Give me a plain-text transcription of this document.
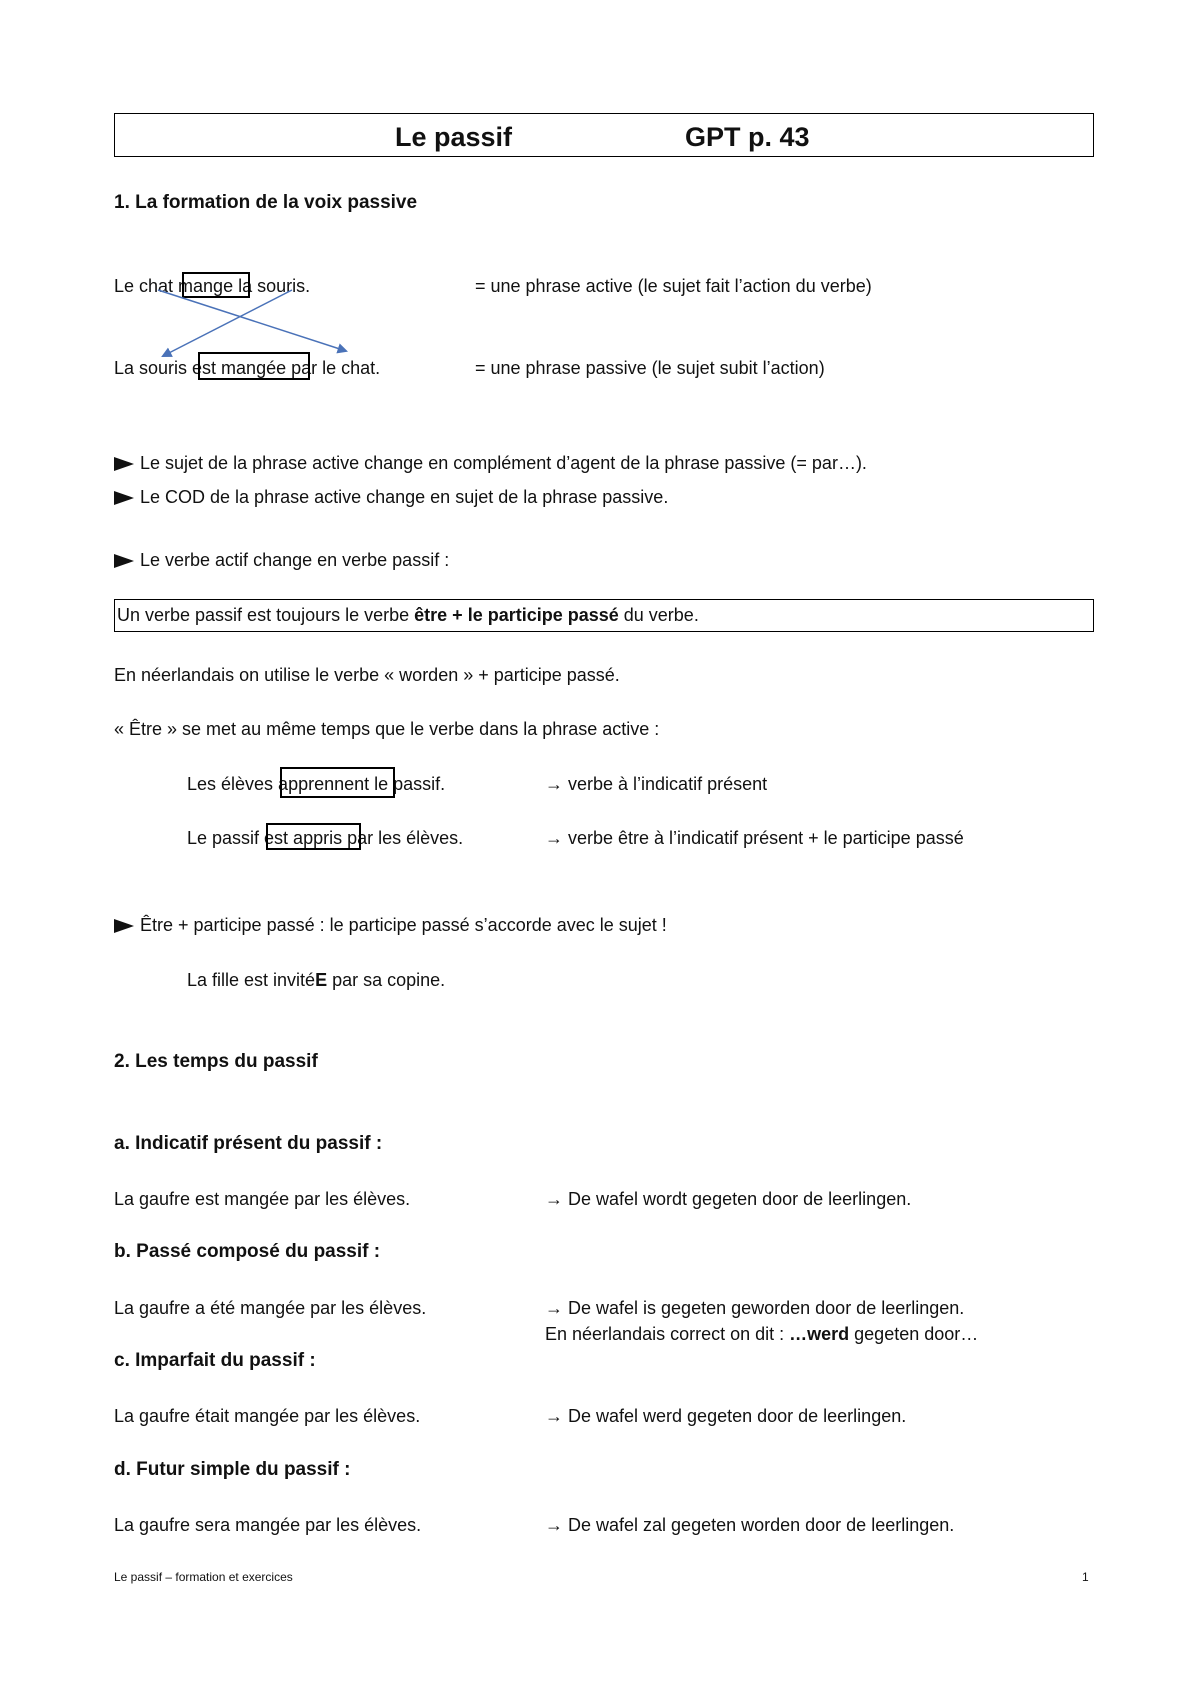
Le passif	GPT p. 43
1. La formation de la voix passive
Le chat mange la souris.	= une phrase active (le sujet fait l’action du verbe)
La souris est mangée par le chat.	= une phrase passive (le sujet subit l’action)
Le sujet de la phrase active change en complément d’agent de la phrase passive (= par…).
Le COD de la phrase active change en sujet de la phrase passive.
Le verbe actif change en verbe passif :
Un verbe passif est toujours le verbe être + le participe passé du verbe.
En néerlandais on utilise le verbe « worden » + participe passé.
« Être » se met au même temps que le verbe dans la phrase active :
Les élèves apprennent le passif.	→ verbe à l’indicatif présent
Le passif est appris par les élèves.	→ verbe être à l’indicatif présent + le participe passé
Être + participe passé : le participe passé s’accorde avec le sujet !
La fille est invitéE par sa copine.
2. Les temps du passif
a. Indicatif présent du passif :
La gaufre est mangée par les élèves.	→ De wafel wordt gegeten door de leerlingen.
b. Passé composé du passif :
La gaufre a été mangée par les élèves.	→ De wafel is gegeten geworden door de leerlingen.
En néerlandais correct on dit : …werd gegeten door…
c. Imparfait du passif :
La gaufre était mangée par les élèves.	→ De wafel werd gegeten door de leerlingen.
d. Futur simple du passif :
La gaufre sera mangée par les élèves.	→ De wafel zal gegeten worden door de leerlingen.
Le passif – formation et exercices	1
